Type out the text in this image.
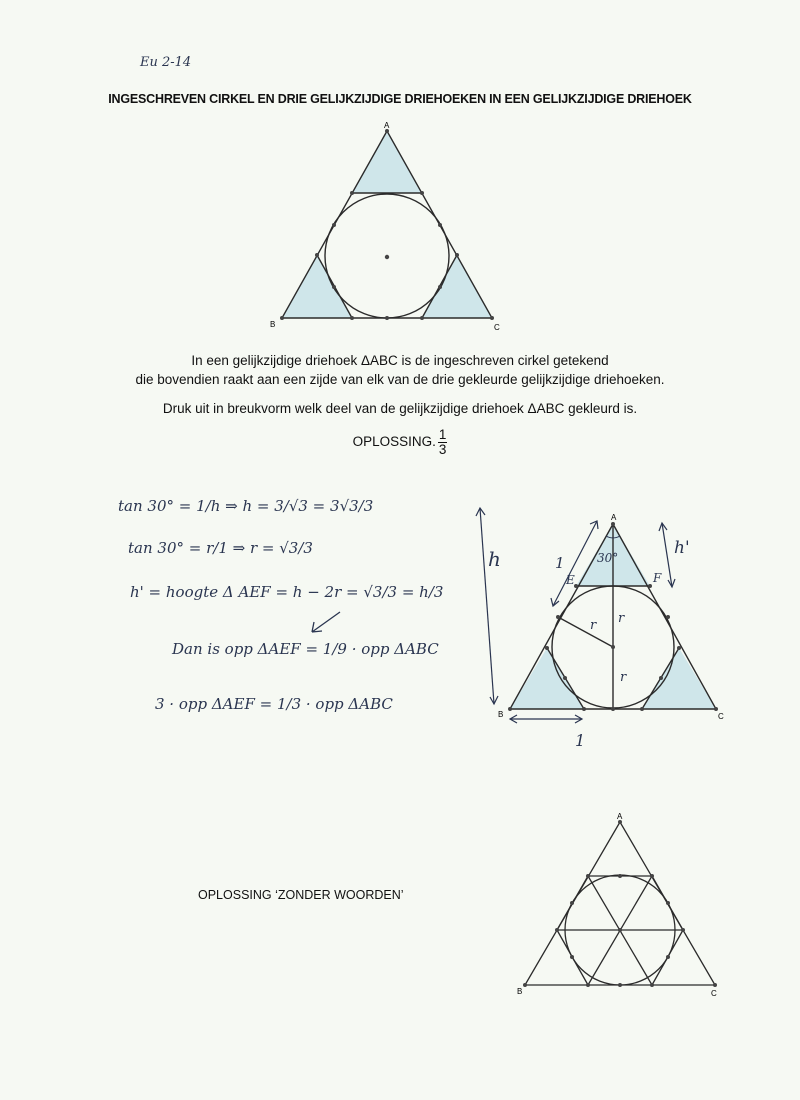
Eu 2-14
INGESCHREVEN CIRKEL EN DRIE GELIJKZIJDIGE DRIEHOEKEN IN EEN GELIJKZIJDIGE DRIEHOEK
A
B	C
In een gelijkzijdige driehoek ΔABC is de ingeschreven cirkel getekend
die bovendien raakt aan een zijde van elk van de drie gekleurde gelijkzijdige driehoeken.
Druk uit in breukvorm welk deel van de gelijkzijdige driehoek ΔABC gekleurd is.
OPLOSSING. $\frac{1}{3}$
tan 30° = 1/h ⇒ h = 3/√3 = 3√3/3
tan 30° = r/1 ⇒ r = √3/3
h' = hoogte Δ AEF = h − 2r = √3/3 = h/3
Dan is opp ΔAEF = 1/9 · opp ΔABC
3 · opp ΔAEF = 1/3 · opp ΔABC
30°
A
B	C
E	F
h	h'
1
1
r r
r
OPLOSSING ‘ZONDER WOORDEN’
A
B	C
